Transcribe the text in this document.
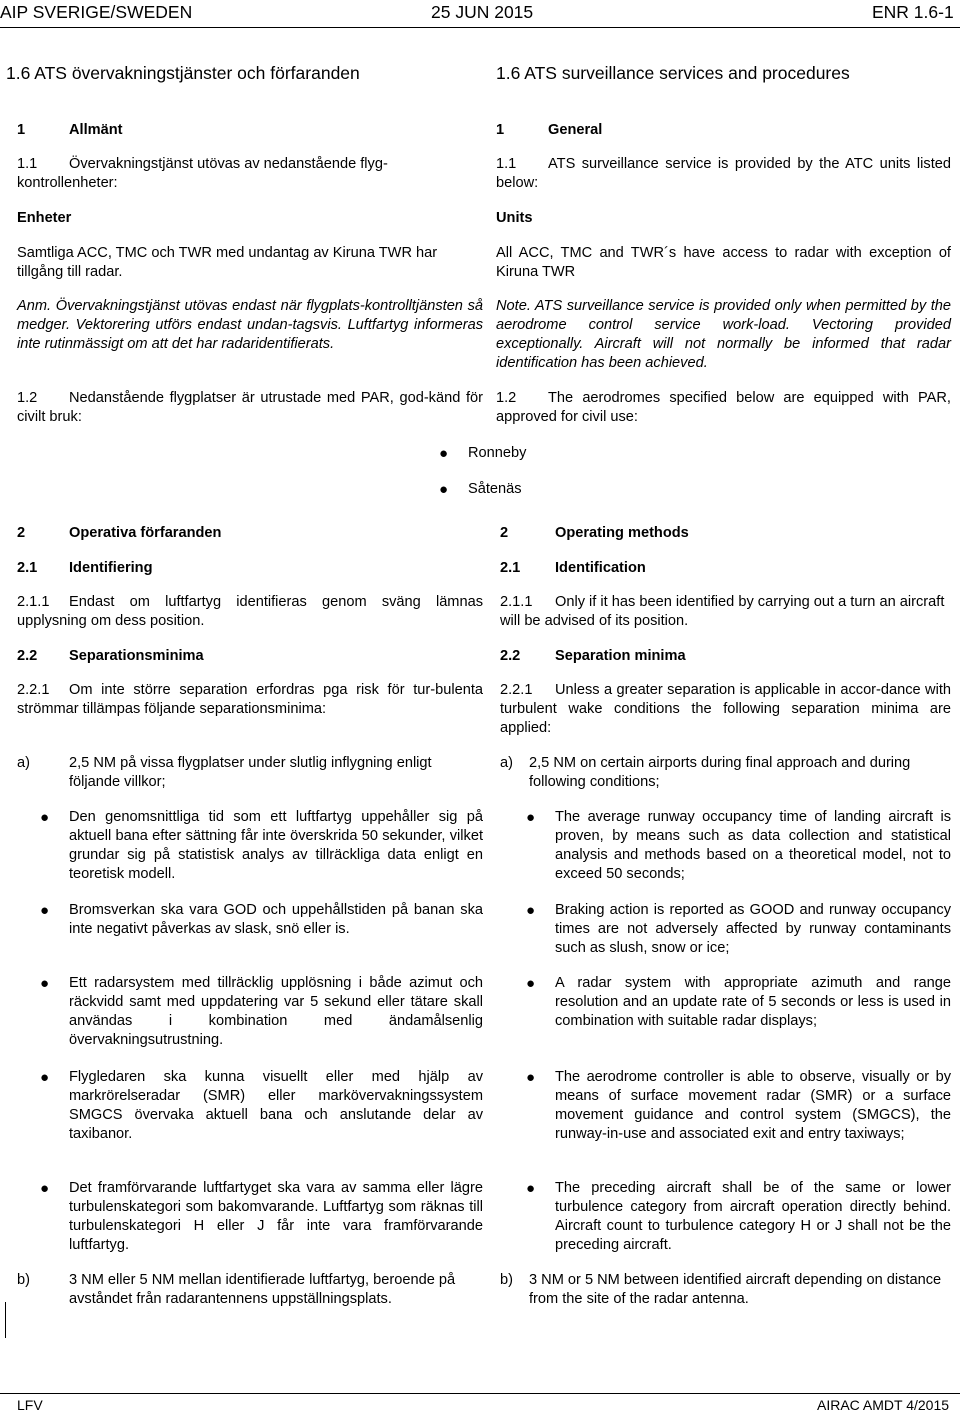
AIP SVERIGE/SWEDEN	25 JUN 2015	ENR 1.6-1
1.6 ATS övervakningstjänster och förfaranden	1.6 ATS surveillance services and procedures
1	Allmänt	1	General
1.1 Övervakningstjänst utövas av nedanstående flyg-kontrollenheter:
1.1 ATS surveillance service is provided by the ATC units listed below:
Enheter	Units
Samtliga ACC, TMC och TWR med undantag av Kiruna TWR har tillgång till radar.
All ACC, TMC and TWR´s have access to radar with exception of Kiruna TWR
Anm. Övervakningstjänst utövas endast när flygplats-kontrolltjänsten så medger. Vektorering utförs endast undan-tagsvis. Luftfartyg informeras inte rutinmässigt om att det har radaridentifierats.
Note. ATS surveillance service is provided only when permitted by the aerodrome control service work-load. Vectoring provided exceptionally. Aircraft will not normally be informed that radar identification has been achieved.
1.2 Nedanstående flygplatser är utrustade med PAR, god-känd för civilt bruk:
1.2 The aerodromes specified below are equipped with PAR, approved for civil use:
● Ronneby
● Såtenäs
2	Operativa förfaranden	2	Operating methods
2.1 Identifiering	2.1 Identification
2.1.1 Endast om luftfartyg identifieras genom sväng lämnas upplysning om dess position.
2.1.1 Only if it has been identified by carrying out a turn an aircraft will be advised of its position.
2.2 Separationsminima	2.2 Separation minima
2.2.1 Om inte större separation erfordras pga risk för tur-bulenta strömmar tillämpas följande separationsminima:
2.2.1 Unless a greater separation is applicable in accor-dance with turbulent wake conditions the following separation minima are applied:
a)	2,5 NM på vissa flygplatser under slutlig inflygning enligt följande villkor;
a) 2,5 NM on certain airports during final approach and during following conditions;
● Den genomsnittliga tid som ett luftfartyg uppehåller sig på aktuell bana efter sättning får inte överskrida 50 sekunder, vilket grundar sig på statistisk analys av tillräckliga data enligt en teoretisk modell.
● Bromsverkan ska vara GOD och uppehållstiden på banan ska inte negativt påverkas av slask, snö eller is.
● Ett radarsystem med tillräcklig upplösning i både azimut och räckvidd samt med uppdatering var 5 sekund eller tätare skall användas i kombination med ändamålsenlig övervakningsutrustning.
● Flygledaren ska kunna visuellt eller med hjälp av markrörelseradar (SMR) eller markövervakningssystem SMGCS övervaka aktuell bana och anslutande delar av taxibanor.
● Det framförvarande luftfartyget ska vara av samma eller lägre turbulenskategori som bakomvarande. Luftfartyg som räknas till turbulenskategori H eller J får inte vara framförvarande luftfartyg.
● The average runway occupancy time of landing aircraft is proven, by means such as data collection and statistical analysis and methods based on a theoretical model, not to exceed 50 seconds;
● Braking action is reported as GOOD and runway occupancy times are not adversely affected by runway contaminants such as slush, snow or ice;
● A radar system with appropriate azimuth and range resolution and an update rate of 5 seconds or less is used in combination with suitable radar displays;
● The aerodrome controller is able to observe, visually or by means of surface movement radar (SMR) or a surface movement guidance and control system (SMGCS), the runway-in-use and associated exit and entry taxiways;
● The preceding aircraft shall be of the same or lower turbulence category from aircraft operation directly behind. Aircraft count to turbulence category H or J shall not be the preceding aircraft.
b)	3 NM eller 5 NM mellan identifierade luftfartyg, beroende på avståndet från radarantennens uppställningsplats.
b) 3 NM or 5 NM between identified aircraft depending on distance from the site of the radar antenna.
LFV	AIRAC AMDT 4/2015
